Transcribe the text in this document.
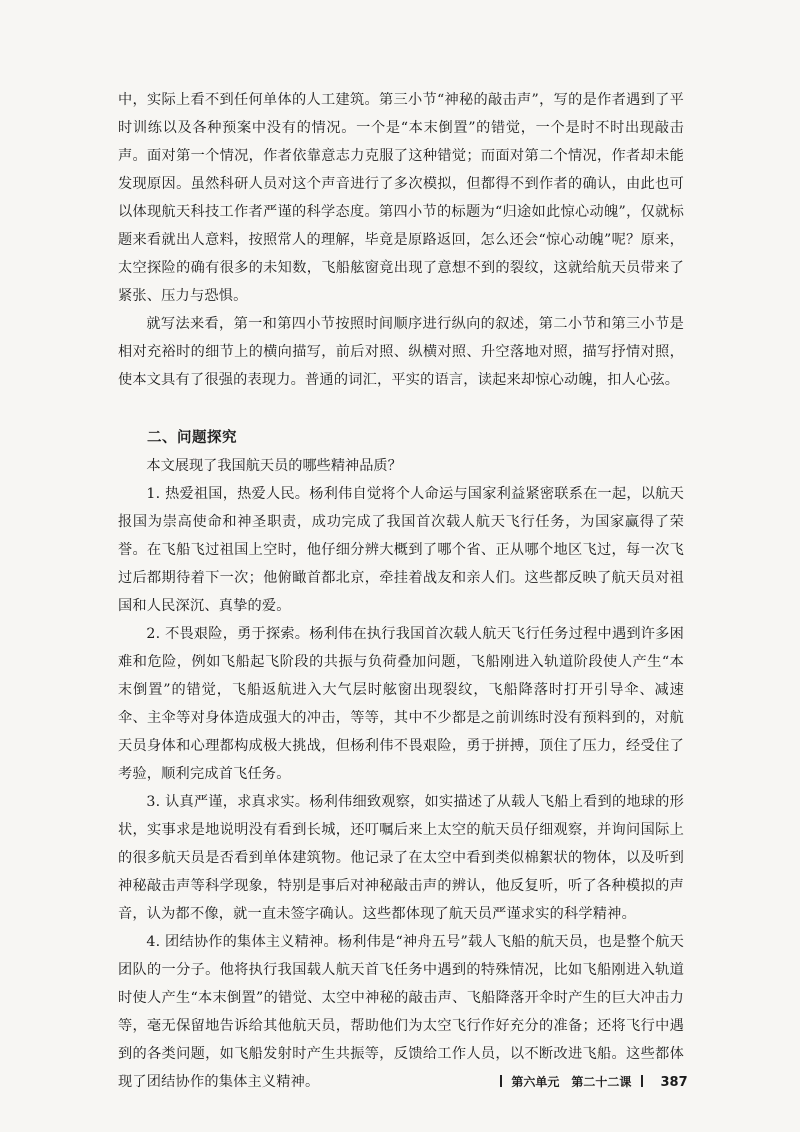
中，实际上看不到任何单体的人工建筑。第三小节“神秘的敲击声”，写的是作者遇到了平时训练以及各种预案中没有的情况。一个是“本末倒置”的错觉，一个是时不时出现敲击声。面对第一个情况，作者依靠意志力克服了这种错觉；而面对第二个情况，作者却未能发现原因。虽然科研人员对这个声音进行了多次模拟，但都得不到作者的确认，由此也可以体现航天科技工作者严谨的科学态度。第四小节的标题为“归途如此惊心动魄”，仅就标题来看就出人意料，按照常人的理解，毕竟是原路返回，怎么还会“惊心动魄”呢？原来，太空探险的确有很多的未知数，飞船舷窗竟出现了意想不到的裂纹，这就给航天员带来了紧张、压力与恐惧。

就写法来看，第一和第四小节按照时间顺序进行纵向的叙述，第二小节和第三小节是相对充裕时的细节上的横向描写，前后对照、纵横对照、升空落地对照，描写抒情对照，使本文具有了很强的表现力。普通的词汇，平实的语言，读起来却惊心动魄，扣人心弦。

二、问题探究

本文展现了我国航天员的哪些精神品质？

1. 热爱祖国，热爱人民。杨利伟自觉将个人命运与国家利益紧密联系在一起，以航天报国为崇高使命和神圣职责，成功完成了我国首次载人航天飞行任务，为国家赢得了荣誉。在飞船飞过祖国上空时，他仔细分辨大概到了哪个省、正从哪个地区飞过，每一次飞过后都期待着下一次；他俯瞰首都北京，牵挂着战友和亲人们。这些都反映了航天员对祖国和人民深沉、真挚的爱。

2. 不畏艰险，勇于探索。杨利伟在执行我国首次载人航天飞行任务过程中遇到许多困难和危险，例如飞船起飞阶段的共振与负荷叠加问题，飞船刚进入轨道阶段使人产生“本末倒置”的错觉，飞船返航进入大气层时舷窗出现裂纹，飞船降落时打开引导伞、减速伞、主伞等对身体造成强大的冲击，等等，其中不少都是之前训练时没有预料到的，对航天员身体和心理都构成极大挑战，但杨利伟不畏艰险，勇于拼搏，顶住了压力，经受住了考验，顺利完成首飞任务。

3. 认真严谨，求真求实。杨利伟细致观察，如实描述了从载人飞船上看到的地球的形状，实事求是地说明没有看到长城，还叮嘱后来上太空的航天员仔细观察，并询问国际上的很多航天员是否看到单体建筑物。他记录了在太空中看到类似棉絮状的物体，以及听到神秘敲击声等科学现象，特别是事后对神秘敲击声的辨认，他反复听，听了各种模拟的声音，认为都不像，就一直未签字确认。这些都体现了航天员严谨求实的科学精神。

4. 团结协作的集体主义精神。杨利伟是“神舟五号”载人飞船的航天员，也是整个航天团队的一分子。他将执行我国载人航天首飞任务中遇到的特殊情况，比如飞船刚进入轨道时使人产生“本末倒置”的错觉、太空中神秘的敲击声、飞船降落开伞时产生的巨大冲击力等，毫无保留地告诉给其他航天员，帮助他们为太空飞行作好充分的准备；还将飞行中遇到的各类问题，如飞船发射时产生共振等，反馈给工作人员，以不断改进飞船。这些都体现了团结协作的集体主义精神。	第六单元　第二十二课 387
